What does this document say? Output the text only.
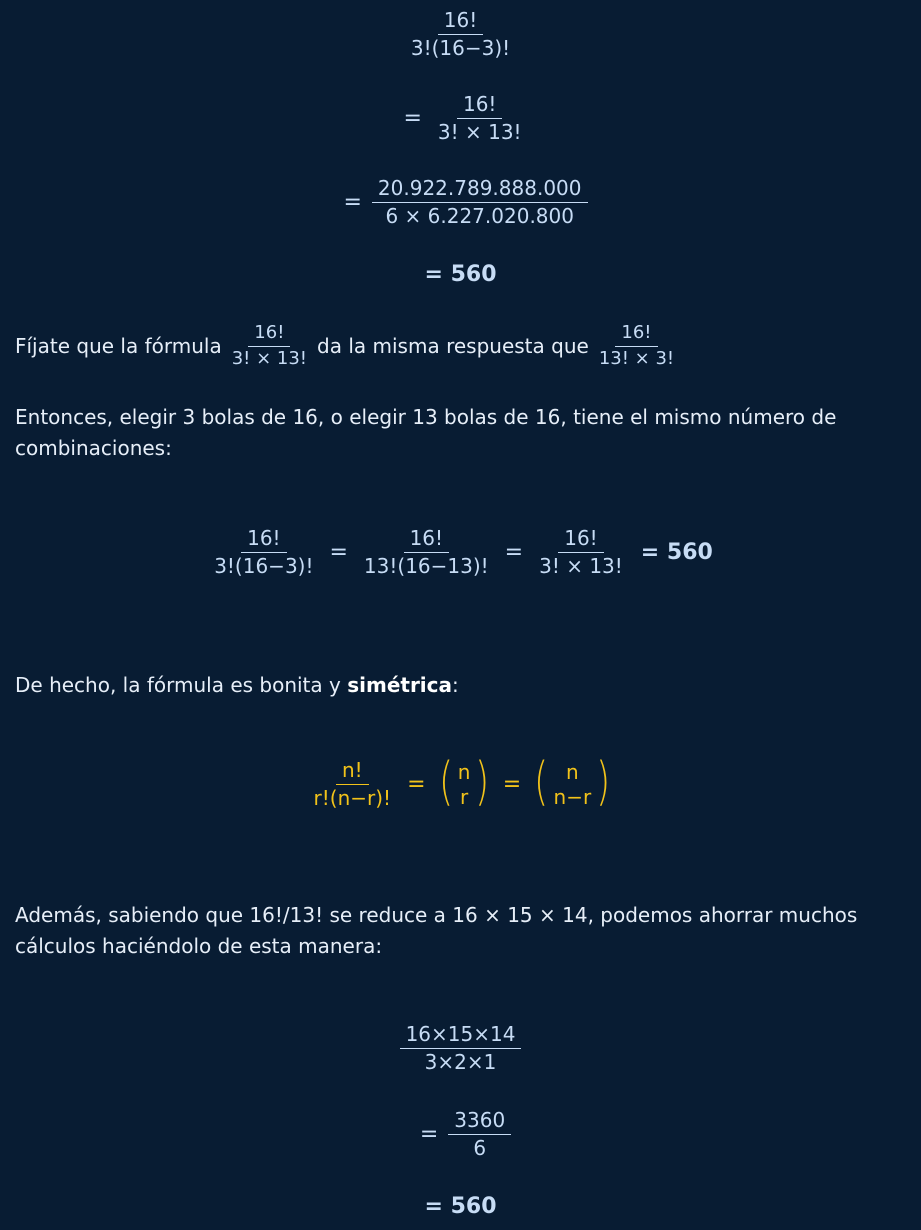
$\frac{16!}{3!(16-3)!}$
= $\frac{16!}{3! \times 13!}$
= $\frac{20.922.789.888.000}{6 \times 6.227.020.800}$
= 560
Fíjate que la fórmula $\frac{16!}{3! \times 13!}$ da la misma respuesta que $\frac{16!}{13! \times 3!}$
Entonces, elegir 3 bolas de 16, o elegir 13 bolas de 16, tiene el mismo número de combinaciones:
$\frac{16!}{3!(16-3)!} = \frac{16!}{13!(16-13)!} = \frac{16!}{3! \times 13!} = 560$
De hecho, la fórmula es bonita y simétrica:
$\frac{n!}{r!(n-r)!}$ = ( n
r ) = ( n
n−r )
Además, sabiendo que 16!/13! se reduce a 16 × 15 × 14, podemos ahorrar muchos cálculos haciéndolo de esta manera:
$\frac{16\times 15\times 14}{3\times 2\times 1}$
= $\frac{3360}{6}$
= 560
